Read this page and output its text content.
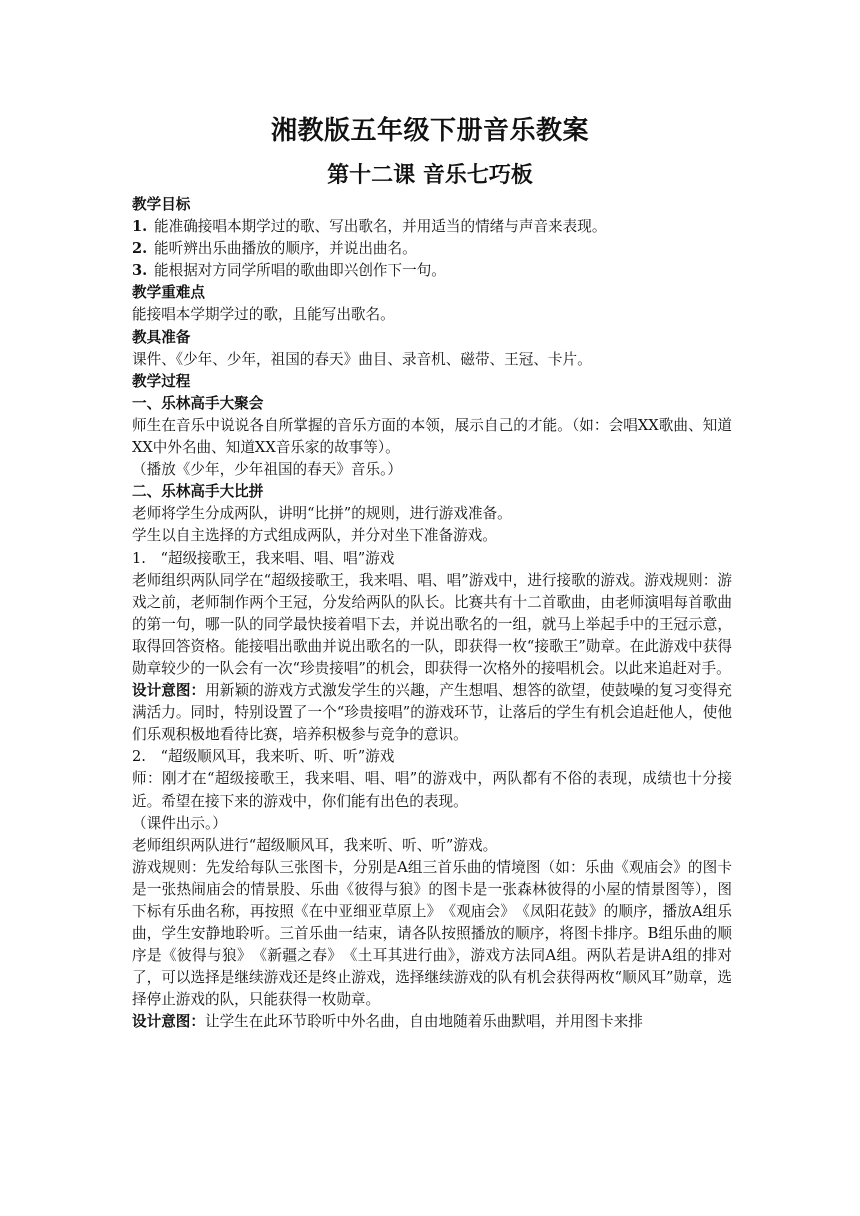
湘教版五年级下册音乐教案
第十二课 音乐七巧板

教学目标

1. 能准确接唱本期学过的歌、写出歌名，并用适当的情绪与声音来表现。

2. 能听辨出乐曲播放的顺序，并说出曲名。

3. 能根据对方同学所唱的歌曲即兴创作下一句。

教学重难点

能接唱本学期学过的歌，且能写出歌名。

教具准备

课件、《少年、少年，祖国的春天》曲目、录音机、磁带、王冠、卡片。

教学过程

一、乐林高手大聚会

师生在音乐中说说各自所掌握的音乐方面的本领，展示自己的才能。（如：会唱XX歌曲、知道XX中外名曲、知道XX音乐家的故事等）。

（播放《少年，少年祖国的春天》音乐。）

二、乐林高手大比拼

老师将学生分成两队，讲明“比拼”的规则，进行游戏准备。

学生以自主选择的方式组成两队，并分对坐下准备游戏。

1.　“超级接歌王，我来唱、唱、唱”游戏

老师组织两队同学在“超级接歌王，我来唱、唱、唱”游戏中，进行接歌的游戏。游戏规则：游戏之前，老师制作两个王冠，分发给两队的队长。比赛共有十二首歌曲，由老师演唱每首歌曲的第一句，哪一队的同学最快接着唱下去，并说出歌名的一组，就马上举起手中的王冠示意，取得回答资格。能接唱出歌曲并说出歌名的一队，即获得一枚“接歌王”勋章。在此游戏中获得勋章较少的一队会有一次“珍贵接唱”的机会，即获得一次格外的接唱机会。以此来追赶对手。

设计意图：用新颖的游戏方式激发学生的兴趣，产生想唱、想答的欲望，使鼓噪的复习变得充满活力。同时，特别设置了一个“珍贵接唱”的游戏环节，让落后的学生有机会追赶他人，使他们乐观积极地看待比赛，培养积极参与竞争的意识。

2.　“超级顺风耳，我来听、听、听”游戏

师：刚才在“超级接歌王，我来唱、唱、唱”的游戏中，两队都有不俗的表现，成绩也十分接近。希望在接下来的游戏中，你们能有出色的表现。

（课件出示。）

老师组织两队进行“超级顺风耳，我来听、听、听”游戏。

游戏规则：先发给每队三张图卡，分别是A组三首乐曲的情境图（如：乐曲《观庙会》的图卡是一张热闹庙会的情景股、乐曲《彼得与狼》的图卡是一张森林彼得的小屋的情景图等），图下标有乐曲名称，再按照《在中亚细亚草原上》　《观庙会》　《凤阳花鼓》的顺序，播放A组乐曲，学生安静地聆听。三首乐曲一结束，请各队按照播放的顺序，将图卡排序。B组乐曲的顺序是《彼得与狼》　《新疆之春》　《土耳其进行曲》，游戏方法同A组。两队若是讲A组的排对了，可以选择是继续游戏还是终止游戏，选择继续游戏的队有机会获得两枚“顺风耳”勋章，选择停止游戏的队，只能获得一枚勋章。

设计意图：让学生在此环节聆听中外名曲，自由地随着乐曲默唱，并用图卡来排
